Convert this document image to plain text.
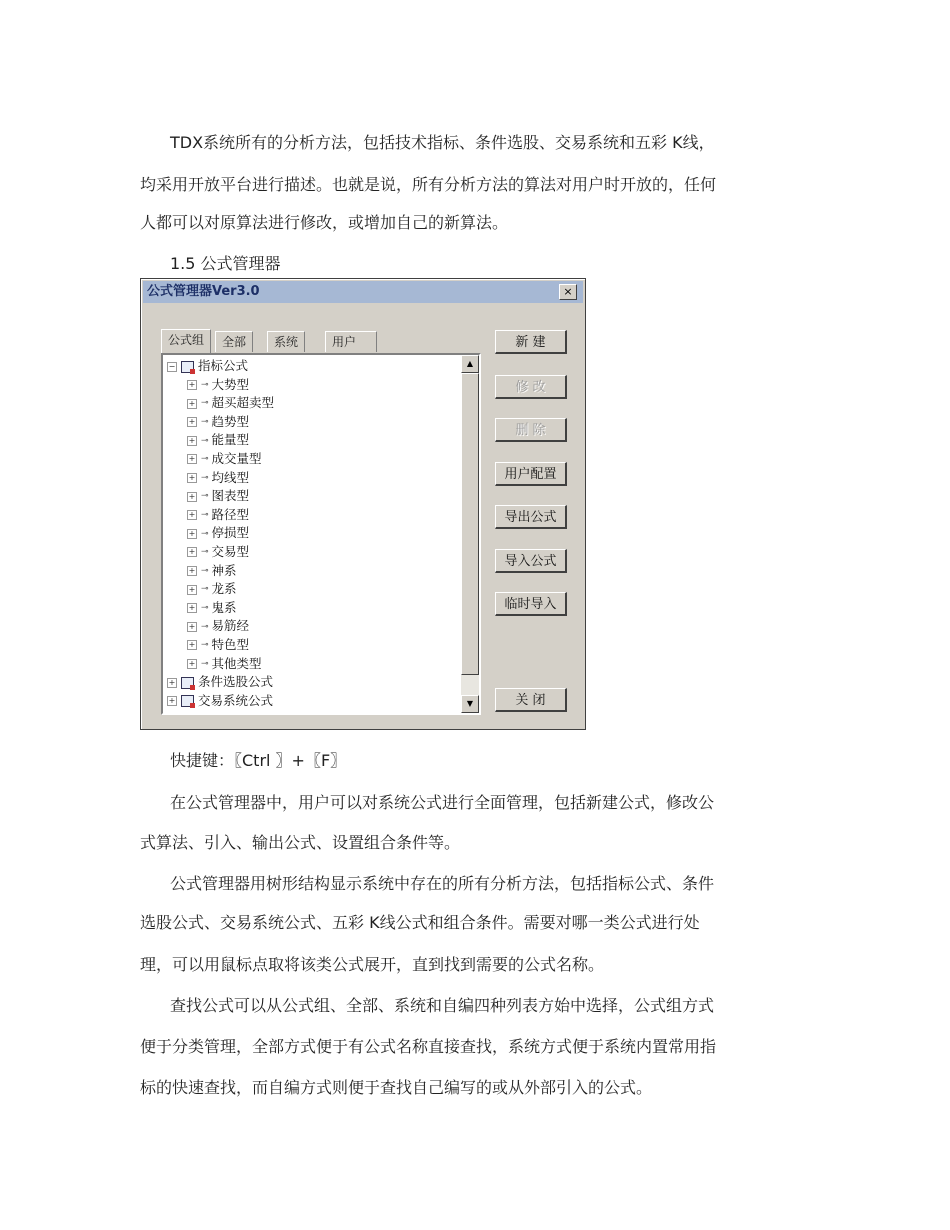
TDX系统所有的分析方法，包括技术指标、条件选股、交易系统和五彩 K线，
均采用开放平台进行描述。也就是说，所有分析方法的算法对用户时开放的，任何
人都可以对原算法进行修改，或增加自己的新算法。
1.5 公式管理器
公式管理器Ver3.0	×
公式组	全部	系统	用户
− 指标公式
+ ⊸ 大势型
+ ⊸ 超买超卖型
+ ⊸ 趋势型
+ ⊸ 能量型
+ ⊸ 成交量型
+ ⊸ 均线型
+ ⊸ 图表型
+ ⊸ 路径型
+ ⊸ 停损型
+ ⊸ 交易型
+ ⊸ 神系
+ ⊸ 龙系
+ ⊸ 鬼系
+ ⊸ 易筋经
+ ⊸ 特色型
+ ⊸ 其他类型
+ 条件选股公式
+ 交易系统公式
▲
▼
新 建
修 改
删 除
用户配置
导出公式
导入公式
临时导入
关 闭
快捷键：〖Ctrl 〗+〖F〗
在公式管理器中，用户可以对系统公式进行全面管理，包括新建公式，修改公
式算法、引入、输出公式、设置组合条件等。
公式管理器用树形结构显示系统中存在的所有分析方法，包括指标公式、条件
选股公式、交易系统公式、五彩 K线公式和组合条件。需要对哪一类公式进行处
理，可以用鼠标点取将该类公式展开，直到找到需要的公式名称。
查找公式可以从公式组、全部、系统和自编四种列表方始中选择，公式组方式
便于分类管理，全部方式便于有公式名称直接查找，系统方式便于系统内置常用指
标的快速查找，而自编方式则便于查找自己编写的或从外部引入的公式。
